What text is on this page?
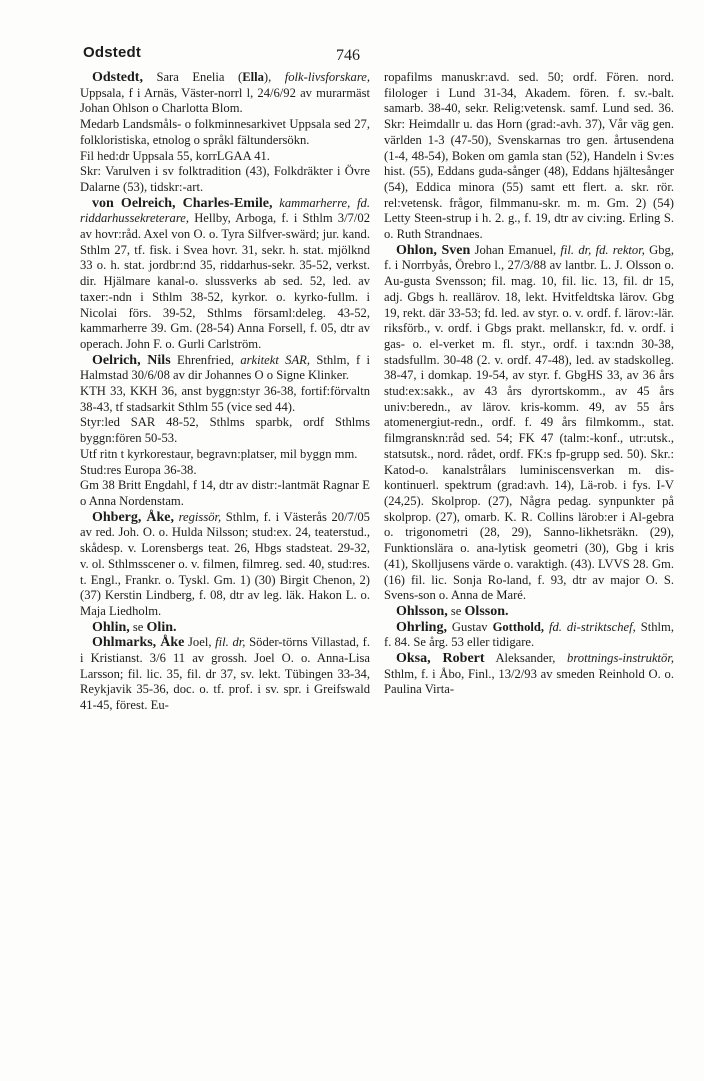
Odstedt	746

Odstedt, Sara Enelia (Ella), folk-livsforskare, Uppsala, f i Arnäs, Väster-norrl l, 24/6/92 av murarmäst Johan Ohlson o Charlotta Blom.

Medarb Landsmåls- o folkminnesarkivet Uppsala sed 27, folkloristiska, etnolog o språkl fältundersökn.

Fil hed:dr Uppsala 55, korrLGAA 41.

Skr: Varulven i sv folktradition (43), Folkdräkter i Övre Dalarne (53), tidskr:-art.

von Oelreich, Charles-Emile, kammarherre, fd. riddarhussekreterare, Hellby, Arboga, f. i Sthlm 3/7/02 av hovr:råd. Axel von O. o. Tyra Silfver-swärd; jur. kand. Sthlm 27, tf. fisk. i Svea hovr. 31, sekr. h. stat. mjölknd 33 o. h. stat. jordbr:nd 35, riddarhus-sekr. 35-52, verkst. dir. Hjälmare kanal-o. slussverks ab sed. 52, led. av taxer:-ndn i Sthlm 38-52, kyrkor. o. kyrko-fullm. i Nicolai förs. 39-52, Sthlms församl:deleg. 43-52, kammarherre 39. Gm. (28-54) Anna Forsell, f. 05, dtr av operach. John F. o. Gurli Carlström.

Oelrich, Nils Ehrenfried, arkitekt SAR, Sthlm, f i Halmstad 30/6/08 av dir Johannes O o Signe Klinker.

KTH 33, KKH 36, anst byggn:styr 36-38, fortif:förvaltn 38-43, tf stadsarkit Sthlm 55 (vice sed 44).

Styr:led SAR 48-52, Sthlms sparbk, ordf Sthlms byggn:fören 50-53.

Utf ritn t kyrkorestaur, begravn:platser, mil byggn mm.

Stud:res Europa 36-38.

Gm 38 Britt Engdahl, f 14, dtr av distr:-lantmät Ragnar E o Anna Nordenstam.

Ohberg, Åke, regissör, Sthlm, f. i Västerås 20/7/05 av red. Joh. O. o. Hulda Nilsson; stud:ex. 24, teaterstud., skådesp. v. Lorensbergs teat. 26, Hbgs stadsteat. 29-32, v. ol. Sthlmsscener o. v. filmen, filmreg. sed. 40, stud:res. t. Engl., Frankr. o. Tyskl. Gm. 1) (30) Birgit Chenon, 2) (37) Kerstin Lindberg, f. 08, dtr av leg. läk. Hakon L. o. Maja Liedholm.

Ohlin, se Olin.

Ohlmarks, Åke Joel, fil. dr, Söder-törns Villastad, f. i Kristianst. 3/6 11 av grossh. Joel O. o. Anna-Lisa Larsson; fil. lic. 35, fil. dr 37, sv. lekt. Tübingen 33-34, Reykjavik 35-36, doc. o. tf. prof. i sv. spr. i Greifswald 41-45, förest. Eu-

ropafilms manuskr:avd. sed. 50; ordf. Fören. nord. filologer i Lund 31-34, Akadem. fören. f. sv.-balt. samarb. 38-40, sekr. Relig:vetensk. samf. Lund sed. 36. Skr: Heimdallr u. das Horn (grad:-avh. 37), Vår väg gen. världen 1-3 (47-50), Svenskarnas tro gen. årtusendena (1-4, 48-54), Boken om gamla stan (52), Handeln i Sv:es hist. (55), Eddans guda-sånger (48), Eddans hjältesånger (54), Eddica minora (55) samt ett flert. a. skr. rör. rel:vetensk. frågor, filmmanu-skr. m. m. Gm. 2) (54) Letty Steen-strup i h. 2. g., f. 19, dtr av civ:ing. Erling S. o. Ruth Strandnaes.

Ohlon, Sven Johan Emanuel, fil. dr, fd. rektor, Gbg, f. i Norrbyås, Örebro l., 27/3/88 av lantbr. L. J. Olsson o. Au-gusta Svensson; fil. mag. 10, fil. lic. 13, fil. dr 15, adj. Gbgs h. reallärov. 18, lekt. Hvitfeldtska lärov. Gbg 19, rekt. där 33-53; fd. led. av styr. o. v. ordf. f. lärov:-lär. riksförb., v. ordf. i Gbgs prakt. mellansk:r, fd. v. ordf. i gas- o. el-verket m. fl. styr., ordf. i tax:ndn 30-38, stadsfullm. 30-48 (2. v. ordf. 47-48), led. av stadskolleg. 38-47, i domkap. 19-54, av styr. f. GbgHS 33, av 36 års stud:ex:sakk., av 43 års dyrortskomm., av 45 års univ:beredn., av lärov. kris-komm. 49, av 55 års atomenergiut-redn., ordf. f. 49 års filmkomm., stat. filmgranskn:råd sed. 54; FK 47 (talm:-konf., utr:utsk., statsutsk., nord. rådet, ordf. FK:s fp-grupp sed. 50). Skr.: Katod-o. kanalstrålars luminiscensverkan m. dis-kontinuerl. spektrum (grad:avh. 14), Lä-rob. i fys. I-V (24,25). Skolprop. (27), Några pedag. synpunkter på skolprop. (27), omarb. K. R. Collins lärob:er i Al-gebra o. trigonometri (28, 29), Sanno-likhetsräkn. (29), Funktionslära o. ana-lytisk geometri (30), Gbg i kris (41), Skolljusens värde o. varaktigh. (43). LVVS 28. Gm. (16) fil. lic. Sonja Ro-land, f. 93, dtr av major O. S. Svens-son o. Anna de Maré.

Ohlsson, se Olsson.

Ohrling, Gustav Gotthold, fd. di-striktschef, Sthlm, f. 84. Se årg. 53 eller tidigare.

Oksa, Robert Aleksander, brottnings-instruktör, Sthlm, f. i Åbo, Finl., 13/2/93 av smeden Reinhold O. o. Paulina Virta-
